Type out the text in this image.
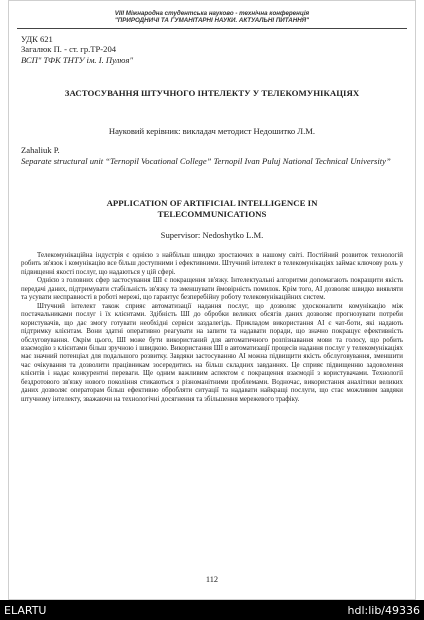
VIII Міжнародна студентська науково - технічна конференція
"ПРИРОДНИЧІ ТА ГУМАНІТАРНІ НАУКИ. АКТУАЛЬНІ ПИТАННЯ"
УДК 621
Загалюк П. - ст. гр.ТР-204
ВСП" ТФК ТНТУ ім. І. Пулюя"
ЗАСТОСУВАННЯ ШТУЧНОГО ІНТЕЛЕКТУ У ТЕЛЕКОМУНІКАЦІЯХ
Науковий керівник: викладач методист Недошитко Л.М.
Zahaliuk P.
Separate structural unit “Ternopil Vocational College” Ternopil Ivan Puluj National Technical University”
APPLICATION OF ARTIFICIAL INTELLIGENCE IN TELECOMMUNICATIONS
Supervisor: Nedoshytko L.M.

Телекомунікаційна індустрія є однією з найбільш швидко зростаючих в нашому світі. Постійний розвиток технологій робить зв'язок і комунікацію все більш доступними і ефективними. Штучний інтелект в телекомунікаціях займає ключову роль у підвищенні якості послуг, що надаються у цій сфері.

Однією з головних сфер застосування ШІ є покращення зв'язку. Інтелектуальні алгоритми допомагають покращити якість передачі даних, підтримувати стабільність зв'язку та зменшувати ймовірність помилок. Крім того, АІ дозволяє швидко виявляти та усувати несправності в роботі мережі, що гарантує безперебійну роботу телекомунікаційних систем.

Штучний інтелект також сприяє автоматизації надання послуг, що дозволяє удосконалити комунікацію між постачальниками послуг і їх клієнтами. Здібність ШІ до обробки великих обсягів даних дозволяє прогнозувати потреби користувачів, що дає змогу готувати необхідні сервіси заздалегідь. Прикладом використання АІ є чат-боти, які надають підтримку клієнтам. Вони здатні оперативно реагувати на запити та надавати поради, що значно покращує ефективність обслуговування. Окрім цього, ШІ може бути використаний для автоматичного розпізнавання мови та голосу, що робить взаємодію з клієнтами більш зручною і швидкою. Використання ШІ в автоматизації процесів надання послуг у телекомунікаціях має значний потенціал для подальшого розвитку. Завдяки застосуванню АІ можна підвищити якість обслуговування, зменшити час очікування та дозволити працівникам зосередитись на більш складних завданнях. Це сприяє підвищенню задоволення клієнтів і надає конкурентні переваги. Ще одним важливим аспектом є покращення взаємодії з користувачами. Технології бездротового зв'язку нового покоління стикаються з різноманітними проблемами. Водночас, використання аналітики великих даних дозволяє операторам більш ефективно обробляти ситуації та надавати найкращі послуги, що стає можливим завдяки штучному інтелекту, зважаючи на технологічні досягнення та збільшення мережевого трафіку.

112
ELARTU	hdl:lib/49336
